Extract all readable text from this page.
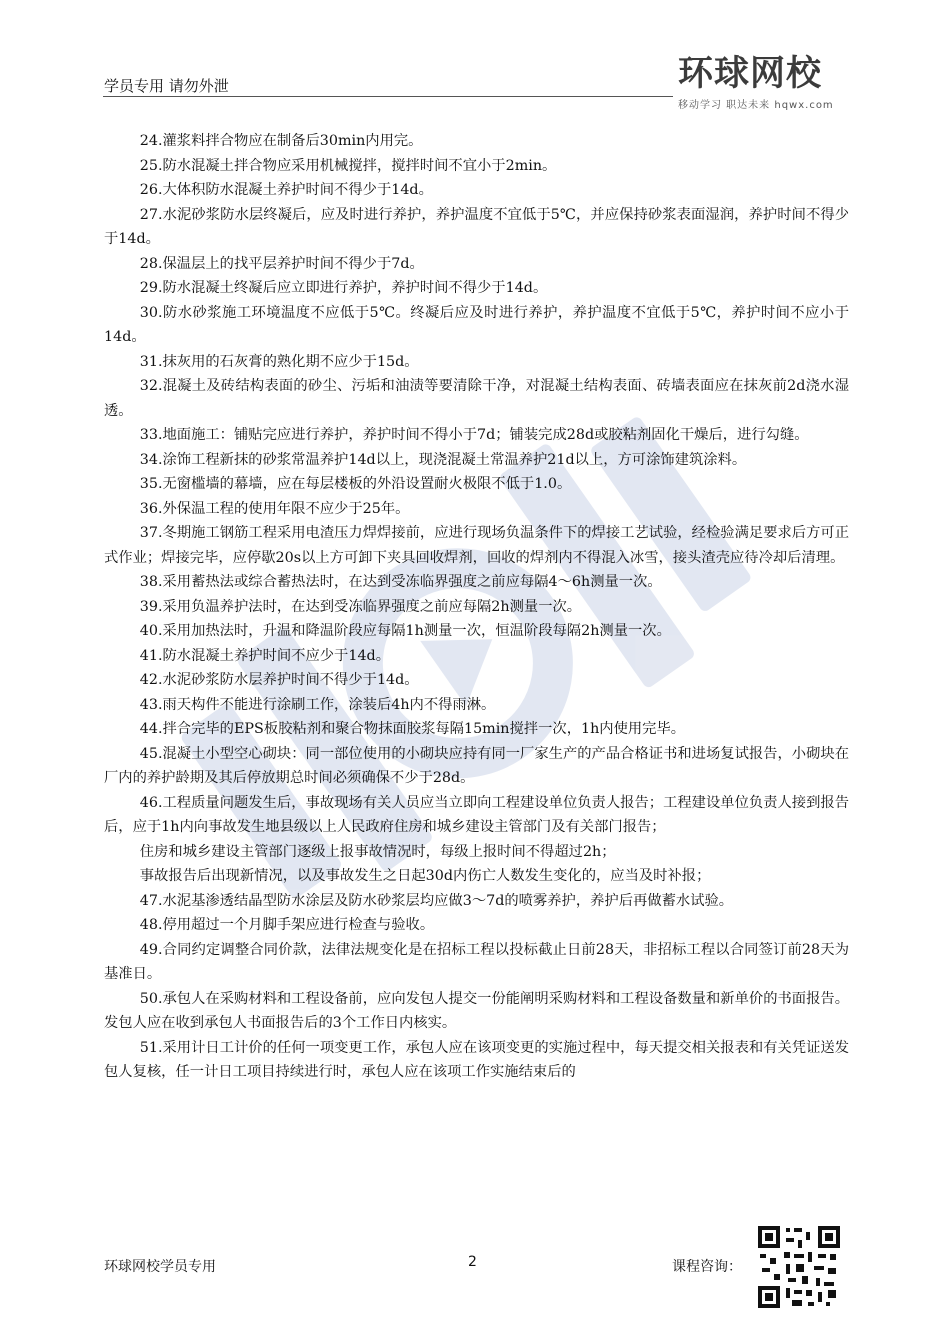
学员专用 请勿外泄	环球网校
移动学习 职达未来 hqwx.com

24.灌浆料拌合物应在制备后30min内用完。

25.防水混凝土拌合物应采用机械搅拌，搅拌时间不宜小于2min。

26.大体积防水混凝土养护时间不得少于14d。

27.水泥砂浆防水层终凝后，应及时进行养护，养护温度不宜低于5℃，并应保持砂浆表面湿润，养护时间不得少于14d。

28.保温层上的找平层养护时间不得少于7d。

29.防水混凝土终凝后应立即进行养护，养护时间不得少于14d。

30.防水砂浆施工环境温度不应低于5℃。终凝后应及时进行养护，养护温度不宜低于5℃，养护时间不应小于14d。

31.抹灰用的石灰膏的熟化期不应少于15d。

32.混凝土及砖结构表面的砂尘、污垢和油渍等要清除干净，对混凝土结构表面、砖墙表面应在抹灰前2d浇水湿透。

33.地面施工：铺贴完应进行养护，养护时间不得小于7d；铺装完成28d或胶粘剂固化干燥后，进行勾缝。

34.涂饰工程新抹的砂浆常温养护14d以上，现浇混凝土常温养护21d以上，方可涂饰建筑涂料。

35.无窗槛墙的幕墙，应在每层楼板的外沿设置耐火极限不低于1.0。

36.外保温工程的使用年限不应少于25年。

37.冬期施工钢筋工程采用电渣压力焊焊接前，应进行现场负温条件下的焊接工艺试验，经检验满足要求后方可正式作业；焊接完毕，应停歇20s以上方可卸下夹具回收焊剂，回收的焊剂内不得混入冰雪，接头渣壳应待冷却后清理。

38.采用蓄热法或综合蓄热法时，在达到受冻临界强度之前应每隔4～6h测量一次。

39.采用负温养护法时，在达到受冻临界强度之前应每隔2h测量一次。

40.采用加热法时，升温和降温阶段应每隔1h测量一次，恒温阶段每隔2h测量一次。

41.防水混凝土养护时间不应少于14d。

42.水泥砂浆防水层养护时间不得少于14d。

43.雨天构件不能进行涂刷工作，涂装后4h内不得雨淋。

44.拌合完毕的EPS板胶粘剂和聚合物抹面胶浆每隔15min搅拌一次，1h内使用完毕。

45.混凝土小型空心砌块：同一部位使用的小砌块应持有同一厂家生产的产品合格证书和进场复试报告，小砌块在厂内的养护龄期及其后停放期总时间必须确保不少于28d。

46.工程质量问题发生后，事故现场有关人员应当立即向工程建设单位负责人报告；工程建设单位负责人接到报告后，应于1h内向事故发生地县级以上人民政府住房和城乡建设主管部门及有关部门报告；

住房和城乡建设主管部门逐级上报事故情况时，每级上报时间不得超过2h；

事故报告后出现新情况，以及事故发生之日起30d内伤亡人数发生变化的，应当及时补报；

47.水泥基渗透结晶型防水涂层及防水砂浆层均应做3～7d的喷雾养护，养护后再做蓄水试验。

48.停用超过一个月脚手架应进行检查与验收。

49.合同约定调整合同价款，法律法规变化是在招标工程以投标截止日前28天，非招标工程以合同签订前28天为基准日。

50.承包人在采购材料和工程设备前，应向发包人提交一份能阐明采购材料和工程设备数量和新单价的书面报告。发包人应在收到承包人书面报告后的3个工作日内核实。

51.采用计日工计价的任何一项变更工作，承包人应在该项变更的实施过程中，每天提交相关报表和有关凭证送发包人复核，任一计日工项目持续进行时，承包人应在该项工作实施结束后的

环球网校学员专用	2	课程咨询：
